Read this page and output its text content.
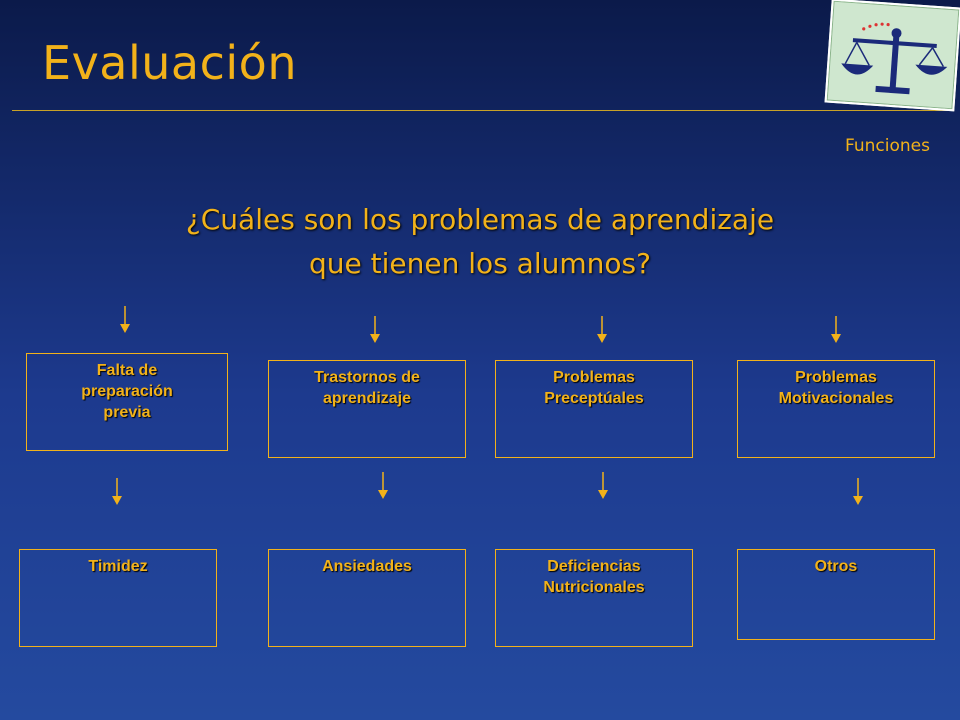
Evaluación
Funciones
¿Cuáles son los problemas de aprendizaje
que tienen los alumnos?
Falta de
preparación
previa
Trastornos de
aprendizaje
Problemas
Preceptúales
Problemas
Motivacionales
Timidez	Ansiedades	Deficiencias
Nutricionales
Otros
